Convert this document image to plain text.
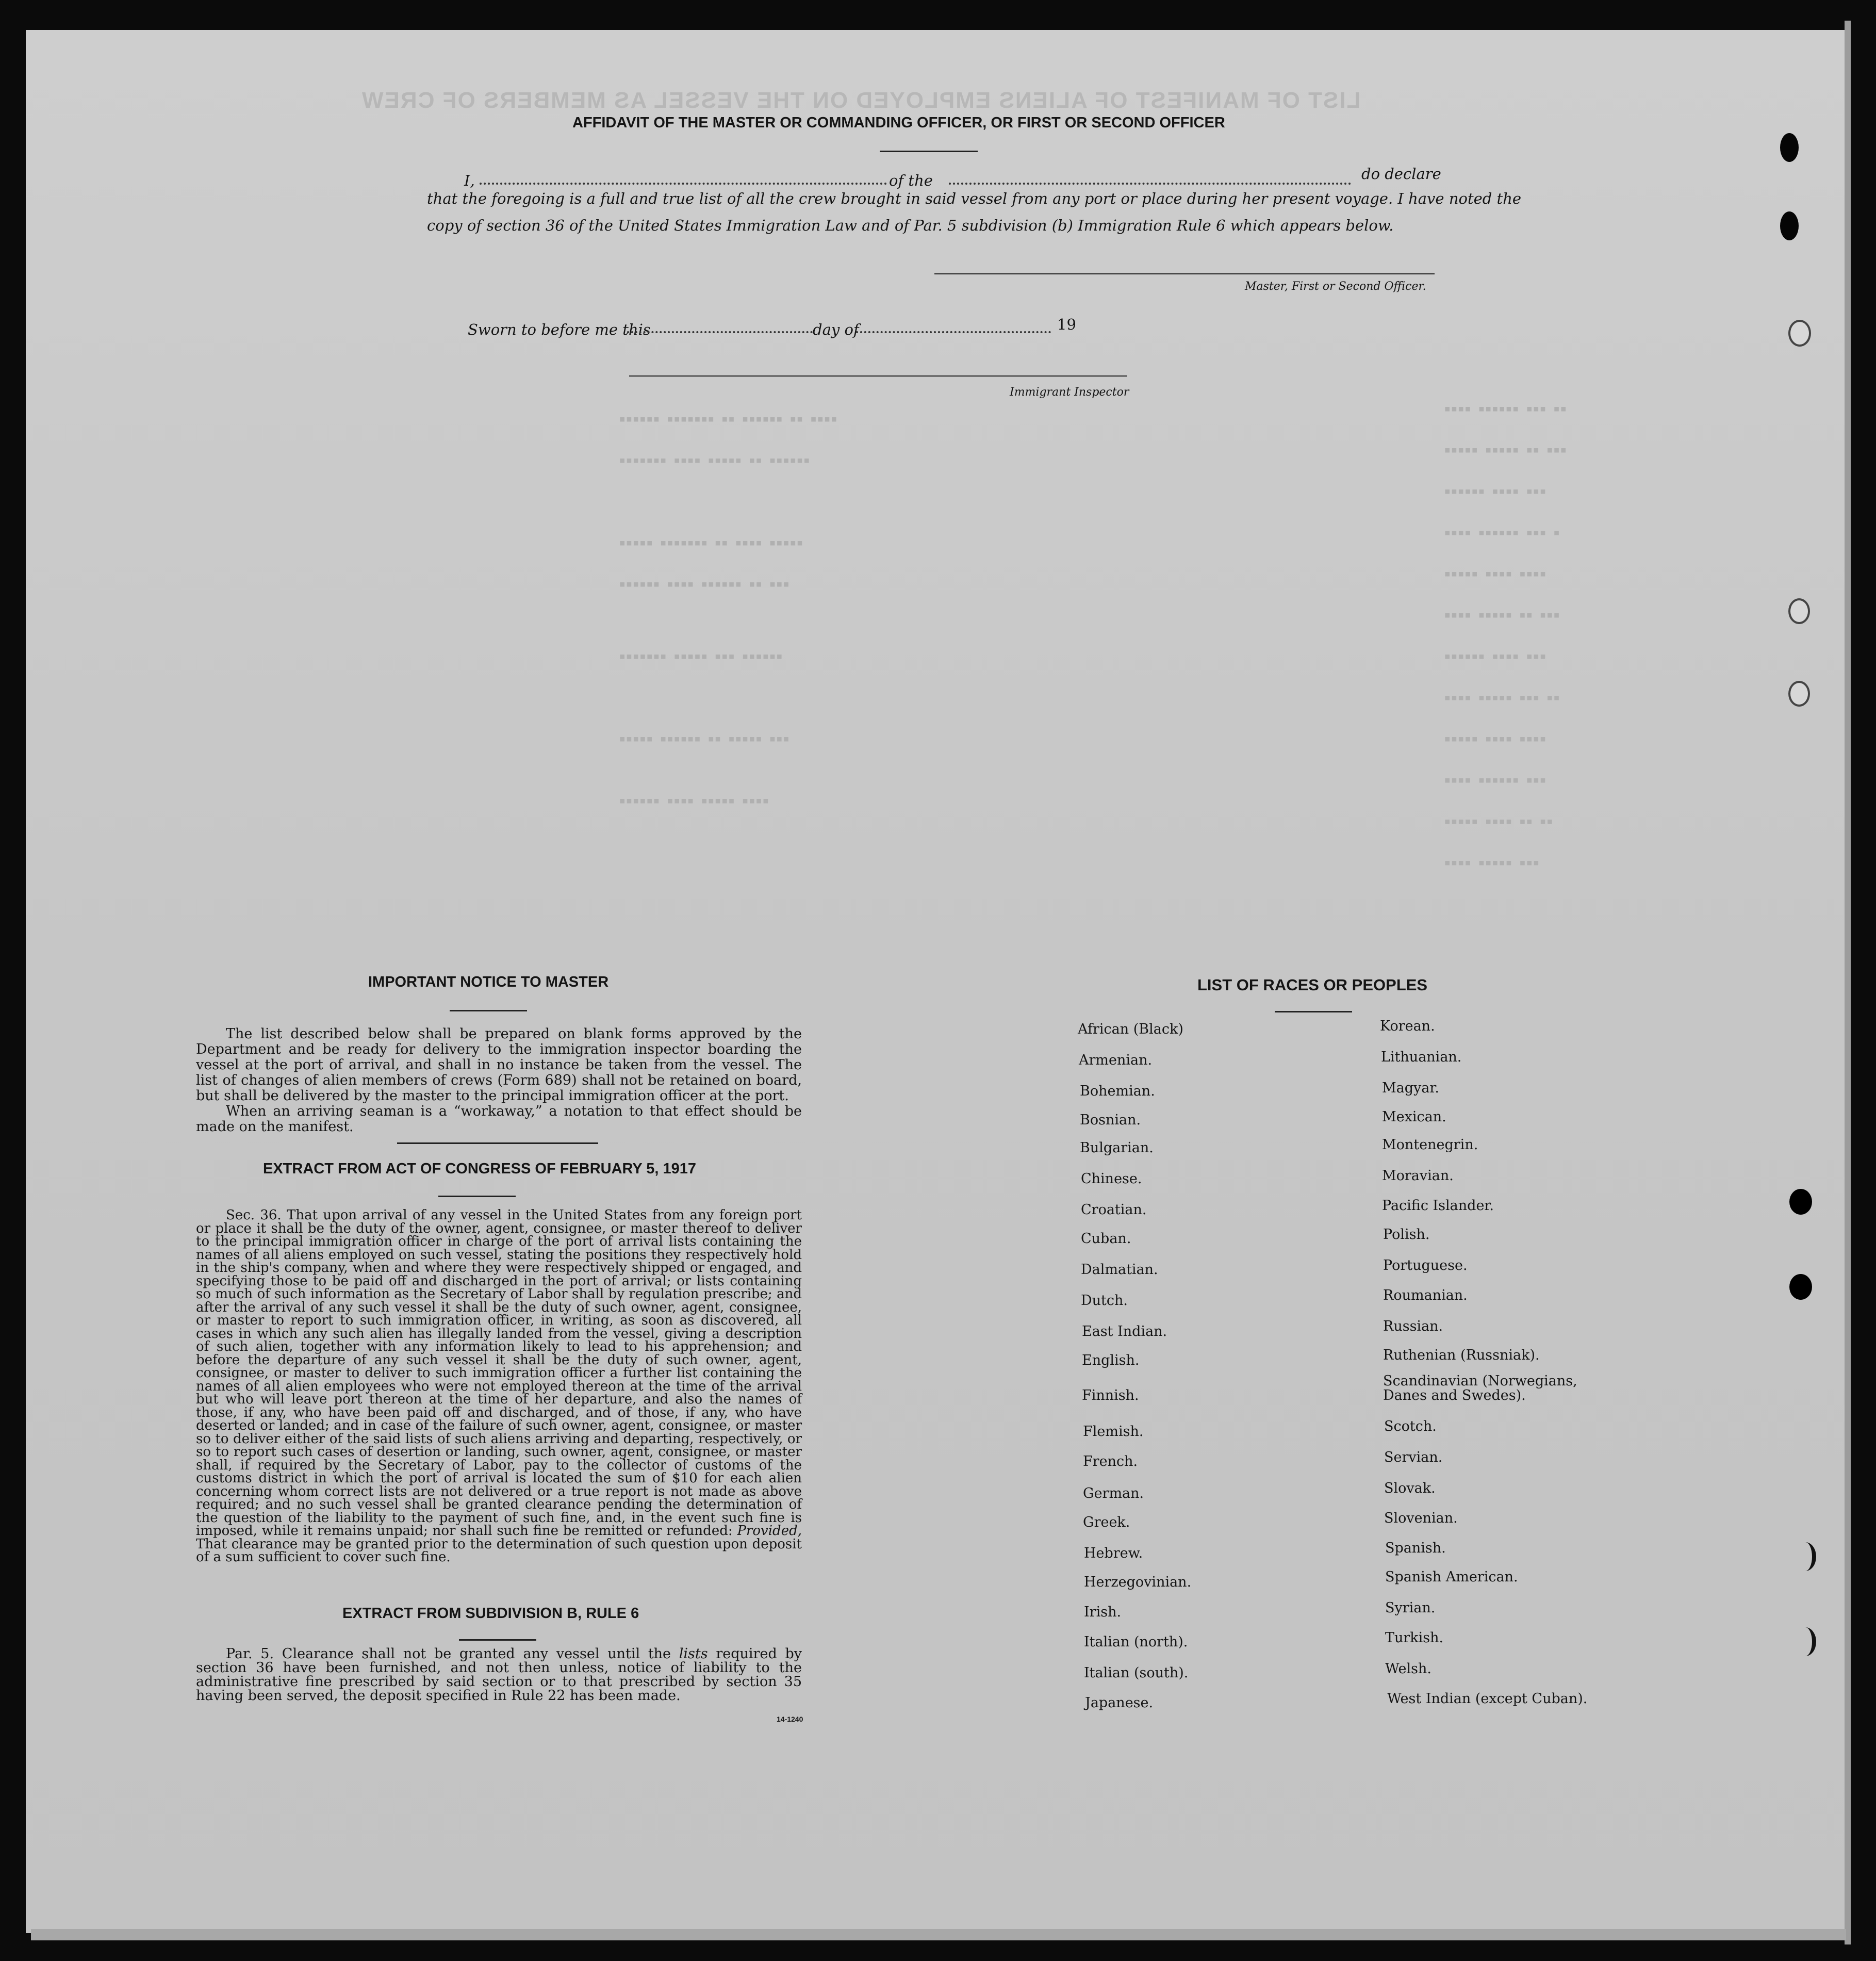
LIST OF MANIFEST OF ALIENS EMPLOYED ON THE VESSEL AS MEMBERS OF CREW
▪▪▪▪ ▪▪▪▪▪▪ ▪▪▪ ▪▪
▪▪▪▪▪ ▪▪▪▪▪ ▪▪ ▪▪▪
▪▪▪▪▪▪ ▪▪▪▪ ▪▪▪
▪▪▪▪ ▪▪▪▪▪▪ ▪▪▪ ▪
▪▪▪▪▪ ▪▪▪▪ ▪▪▪▪
▪▪▪▪ ▪▪▪▪▪ ▪▪ ▪▪▪
▪▪▪▪▪▪ ▪▪▪▪ ▪▪▪
▪▪▪▪ ▪▪▪▪▪ ▪▪▪ ▪▪
▪▪▪▪▪ ▪▪▪▪ ▪▪▪▪
▪▪▪▪ ▪▪▪▪▪▪ ▪▪▪
▪▪▪▪▪ ▪▪▪▪ ▪▪ ▪▪
▪▪▪▪ ▪▪▪▪▪ ▪▪▪
▪▪▪▪▪▪ ▪▪▪▪▪▪▪ ▪▪ ▪▪▪▪▪▪ ▪▪ ▪▪▪▪
▪▪▪▪▪▪▪ ▪▪▪▪ ▪▪▪▪▪ ▪▪ ▪▪▪▪▪▪
▪▪▪▪▪ ▪▪▪▪▪▪▪ ▪▪ ▪▪▪▪ ▪▪▪▪▪
▪▪▪▪▪▪ ▪▪▪▪ ▪▪▪▪▪▪ ▪▪ ▪▪▪
▪▪▪▪▪▪▪ ▪▪▪▪▪ ▪▪▪ ▪▪▪▪▪▪
▪▪▪▪▪ ▪▪▪▪▪▪ ▪▪ ▪▪▪▪▪ ▪▪▪
▪▪▪▪▪▪ ▪▪▪▪ ▪▪▪▪▪ ▪▪▪▪
AFFIDAVIT OF THE MASTER OR COMMANDING OFFICER, OR FIRST OR SECOND OFFICER
I,	of the	do declare
that the foregoing is a full and true list of all the crew brought in said vessel from any port or place during her present voyage. I have noted the
copy of section 36 of the United States Immigration Law and of Par. 5 subdivision (b) Immigration Rule 6 which appears below.
Master, First or Second Officer.
Sworn to before me this	day of	19
Immigrant Inspector
IMPORTANT NOTICE TO MASTER

The list described below shall be prepared on blank forms approved by the Department and be ready for delivery to the immigration inspector boarding the vessel at the port of arrival, and shall in no instance be taken from the vessel. The list of changes of alien members of crews (Form 689) shall not be retained on board, but shall be delivered by the master to the principal immigration officer at the port.

When an arriving seaman is a “workaway,” a notation to that effect should be made on the manifest.

EXTRACT FROM ACT OF CONGRESS OF FEBRUARY 5, 1917

Sec. 36. That upon arrival of any vessel in the United States from any foreign port or place it shall be the duty of the owner, agent, consignee, or master thereof to deliver to the principal immigration officer in charge of the port of arrival lists containing the names of all aliens employed on such vessel, stating the positions they respectively hold in the ship's company, when and where they were respectively shipped or engaged, and specifying those to be paid off and discharged in the port of arrival; or lists containing so much of such information as the Secretary of Labor shall by regulation prescribe; and after the arrival of any such vessel it shall be the duty of such owner, agent, consignee, or master to report to such immigration officer, in writing, as soon as discovered, all cases in which any such alien has illegally landed from the vessel, giving a description of such alien, together with any information likely to lead to his apprehension; and before the departure of any such vessel it shall be the duty of such owner, agent, consignee, or master to deliver to such immigration officer a further list containing the names of all alien employees who were not employed thereon at the time of the arrival but who will leave port thereon at the time of her departure, and also the names of those, if any, who have been paid off and discharged, and of those, if any, who have deserted or landed; and in case of the failure of such owner, agent, consignee, or master so to deliver either of the said lists of such aliens arriving and departing, respectively, or so to report such cases of desertion or landing, such owner, agent, consignee, or master shall, if required by the Secretary of Labor, pay to the collector of customs of the customs district in which the port of arrival is located the sum of $10 for each alien concerning whom correct lists are not delivered or a true report is not made as above required; and no such vessel shall be granted clearance pending the determination of the question of the liability to the payment of such fine, and, in the event such fine is imposed, while it remains unpaid; nor shall such fine be remitted or refunded: Provided, That clearance may be granted prior to the determination of such question upon deposit of a sum sufficient to cover such fine.

EXTRACT FROM SUBDIVISION B, RULE 6

Par. 5. Clearance shall not be granted any vessel until the lists required by section 36 have been furnished, and not then unless, notice of liability to the administrative fine prescribed by said section or to that prescribed by section 35 having been served, the deposit specified in Rule 22 has been made.

14-1240
LIST OF RACES OR PEOPLES
African (Black)
Armenian.
Bohemian.
Bosnian.
Bulgarian.
Chinese.
Croatian.
Cuban.
Dalmatian.
Dutch.
East Indian.
English.
Finnish.
Flemish.
French.
German.
Greek.
Hebrew.
Herzegovinian.
Irish.
Italian (north).
Italian (south).
Japanese.
Korean.
Lithuanian.
Magyar.
Mexican.
Montenegrin.
Moravian.
Pacific Islander.
Polish.
Portuguese.
Roumanian.
Russian.
Ruthenian (Russniak).
Scandinavian (Norwegians, Danes and Swedes).
Scotch.
Servian.
Slovak.
Slovenian.
Spanish.
Spanish American.
Syrian.
Turkish.
Welsh.
West Indian (except Cuban).
